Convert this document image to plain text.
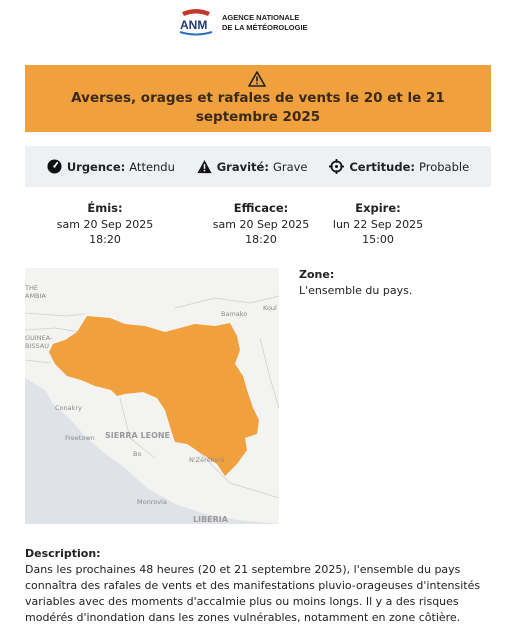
ANM
AGENCE NATIONALE
DE LA MÉTÉOROLOGIE
Averses, orages et rafales de vents le 20 et le 21 septembre 2025
Urgence: Attendu	Gravité: Grave	Certitude: Probable
Émis:
sam 20 Sep 2025
18:20
Efficace:
sam 20 Sep 2025
18:20
Expire:
lun 22 Sep 2025
15:00
THE
AMBIA
GUINEA-
BISSAU
Bamako
Koul
Conakry
Freetown
Bo
N'Zérékoré
Monrovia
SIERRA LEONE
LIBERIA
Zone:
L'ensemble du pays.
Description:
Dans les prochaines 48 heures (20 et 21 septembre 2025), l'ensemble du pays connaîtra des rafales de vents et des manifestations pluvio-orageuses d'intensités variables avec des moments d'accalmie plus ou moins longs. Il y a des risques modérés d'inondation dans les zones vulnérables, notamment en zone côtière.
